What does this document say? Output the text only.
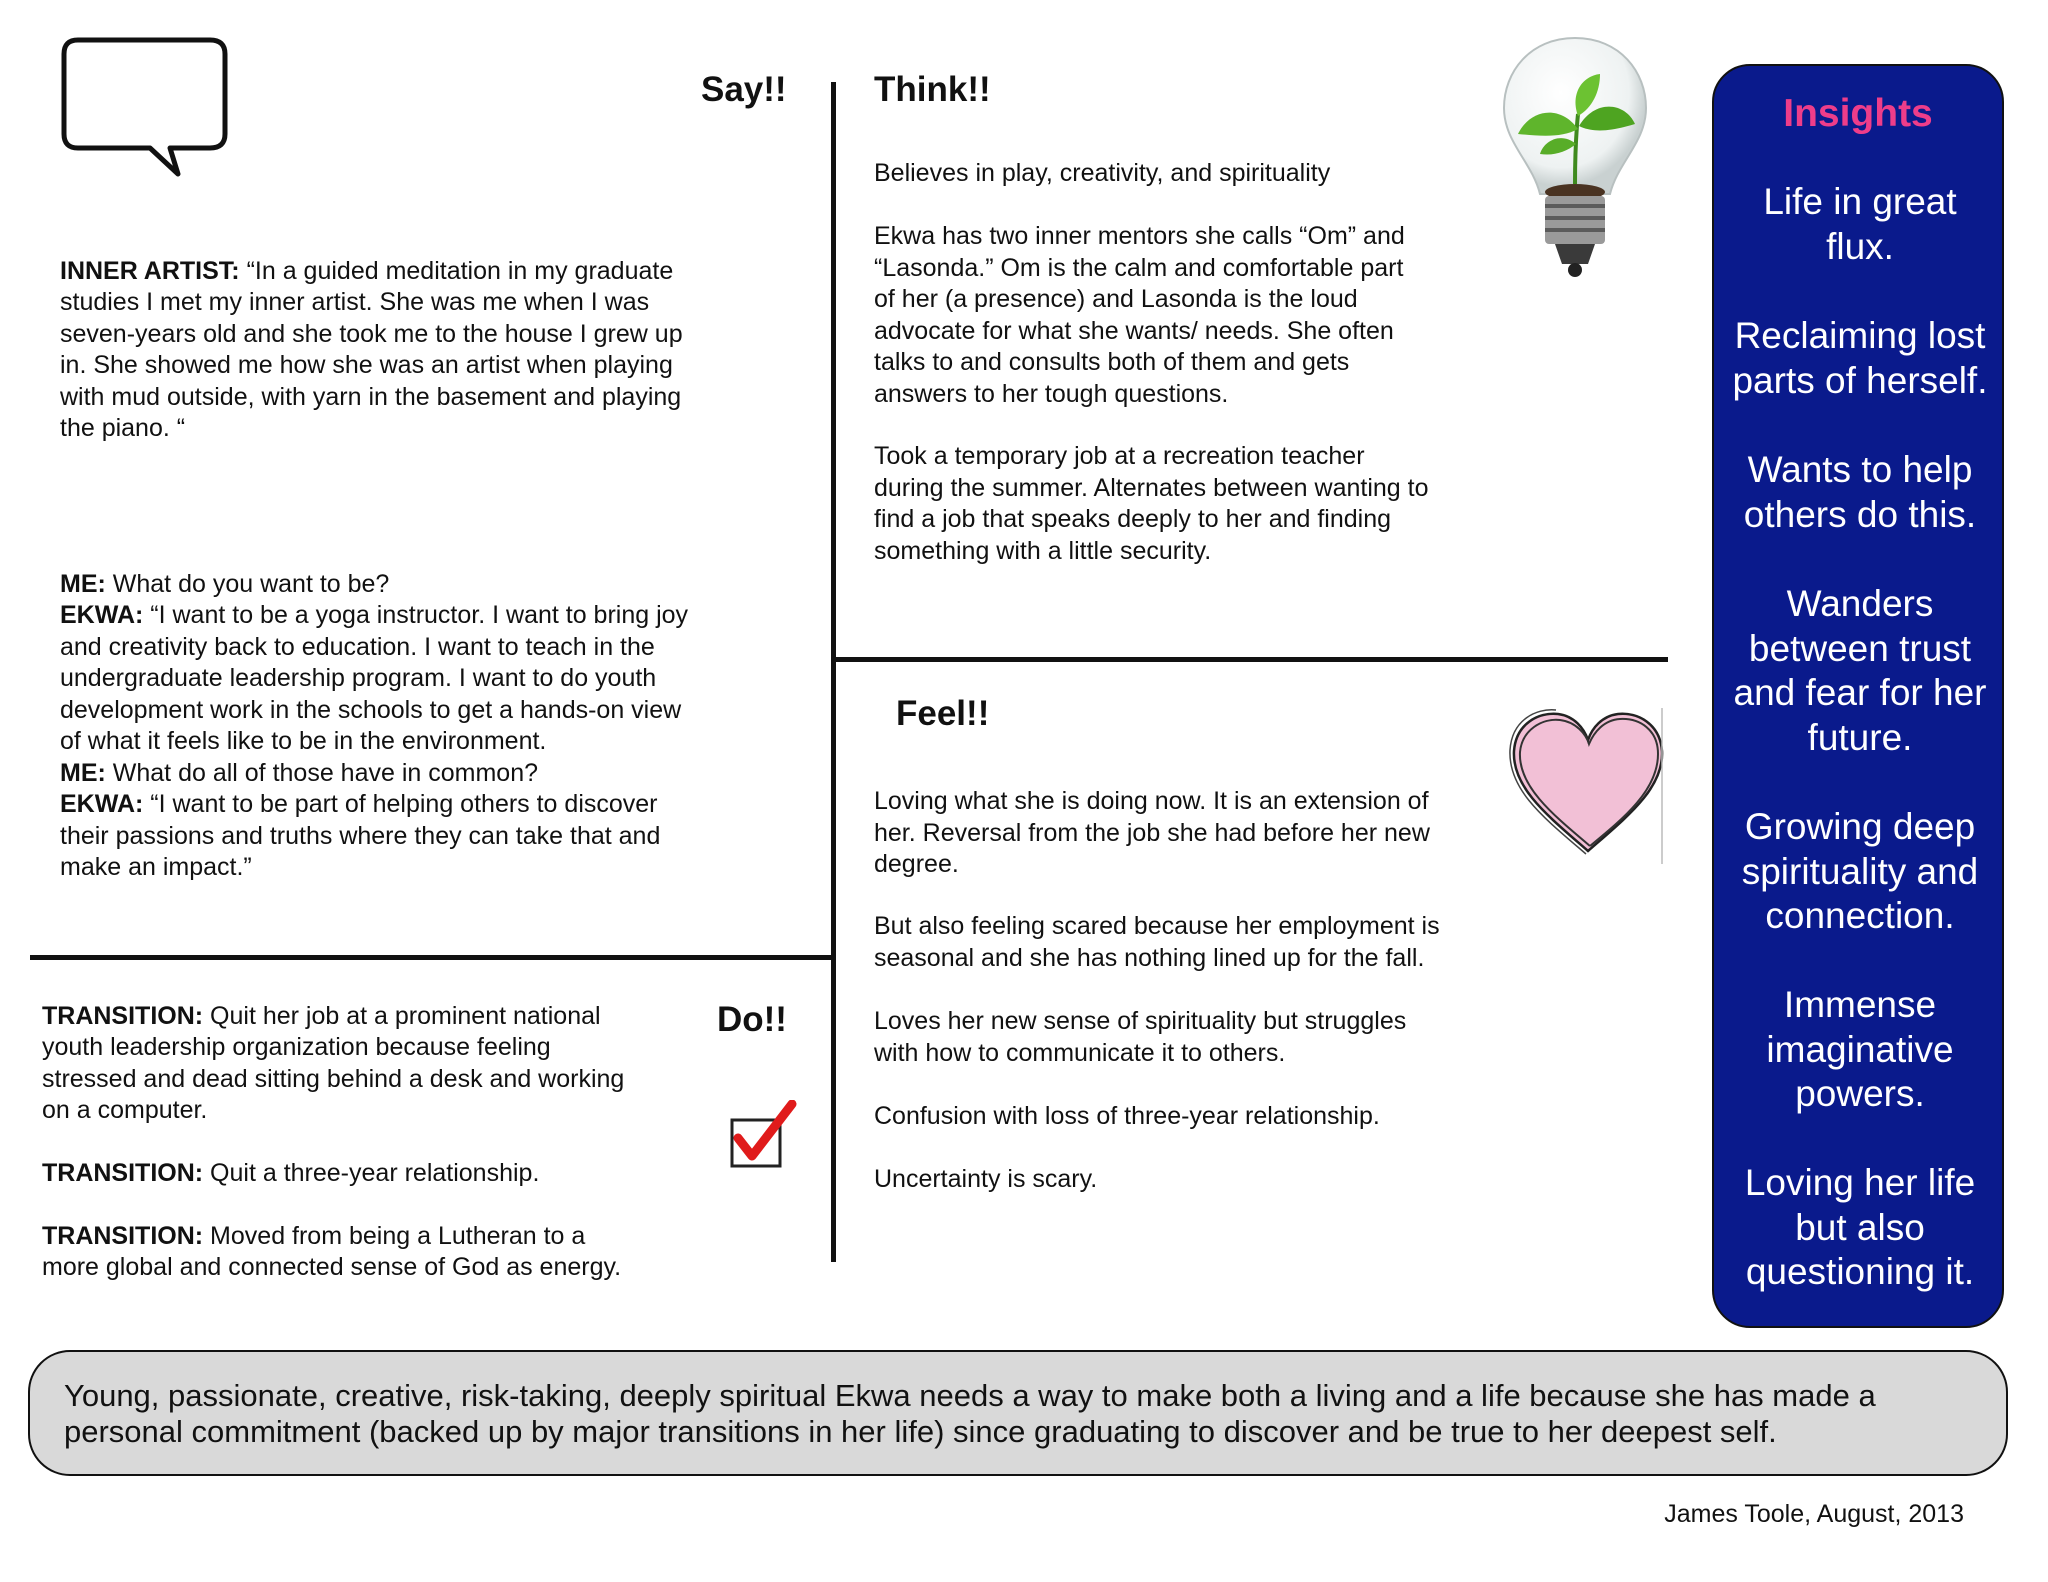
Say!!

INNER ARTIST: “In a guided meditation in my graduate
studies I met my inner artist. She was me when I was
seven-years old and she took me to the house I grew up
in. She showed me how she was an artist when playing
with mud outside, with yarn in the basement and playing
the piano. “

ME: What do you want to be?
EKWA: “I want to be a yoga instructor. I want to bring joy
and creativity back to education. I want to teach in the
undergraduate leadership program. I want to do youth
development work in the schools to get a hands-on view
of what it feels like to be in the environment.
ME: What do all of those have in common?
EKWA: “I want to be part of helping others to discover
their passions and truths where they can take that and
make an impact.”

Think!!
Believes in play, creativity, and spirituality
Ekwa has two inner mentors she calls “Om” and
“Lasonda.” Om is the calm and comfortable part
of her (a presence) and Lasonda is the loud
advocate for what she wants/ needs. She often
talks to and consults both of them and gets
answers to her tough questions.
Took a temporary job at a recreation teacher
during the summer. Alternates between wanting to
find a job that speaks deeply to her and finding
something with a little security.
Feel!!
Loving what she is doing now. It is an extension of
her. Reversal from the job she had before her new
degree.
But also feeling scared because her employment is
seasonal and she has nothing lined up for the fall.
Loves her new sense of spirituality but struggles
with how to communicate it to others.
Confusion with loss of three-year relationship.
Uncertainty is scary.
Do!!

TRANSITION: Quit her job at a prominent national
youth leadership organization because feeling
stressed and dead sitting behind a desk and working
on a computer.

TRANSITION: Quit a three-year relationship.

TRANSITION: Moved from being a Lutheran to a
more global and connected sense of God as energy.

Insights
Life in great
flux.
Reclaiming lost
parts of herself.
Wants to help
others do this.
Wanders
between trust
and fear for her
future.
Growing deep
spirituality and
connection.
Immense
imaginative
powers.
Loving her life
but also
questioning it.
Young, passionate, creative, risk-taking, deeply spiritual Ekwa needs a way to make both a living and a life because she has made a personal commitment (backed up by major transitions in her life) since graduating to discover and be true to her deepest self.
James Toole, August, 2013
